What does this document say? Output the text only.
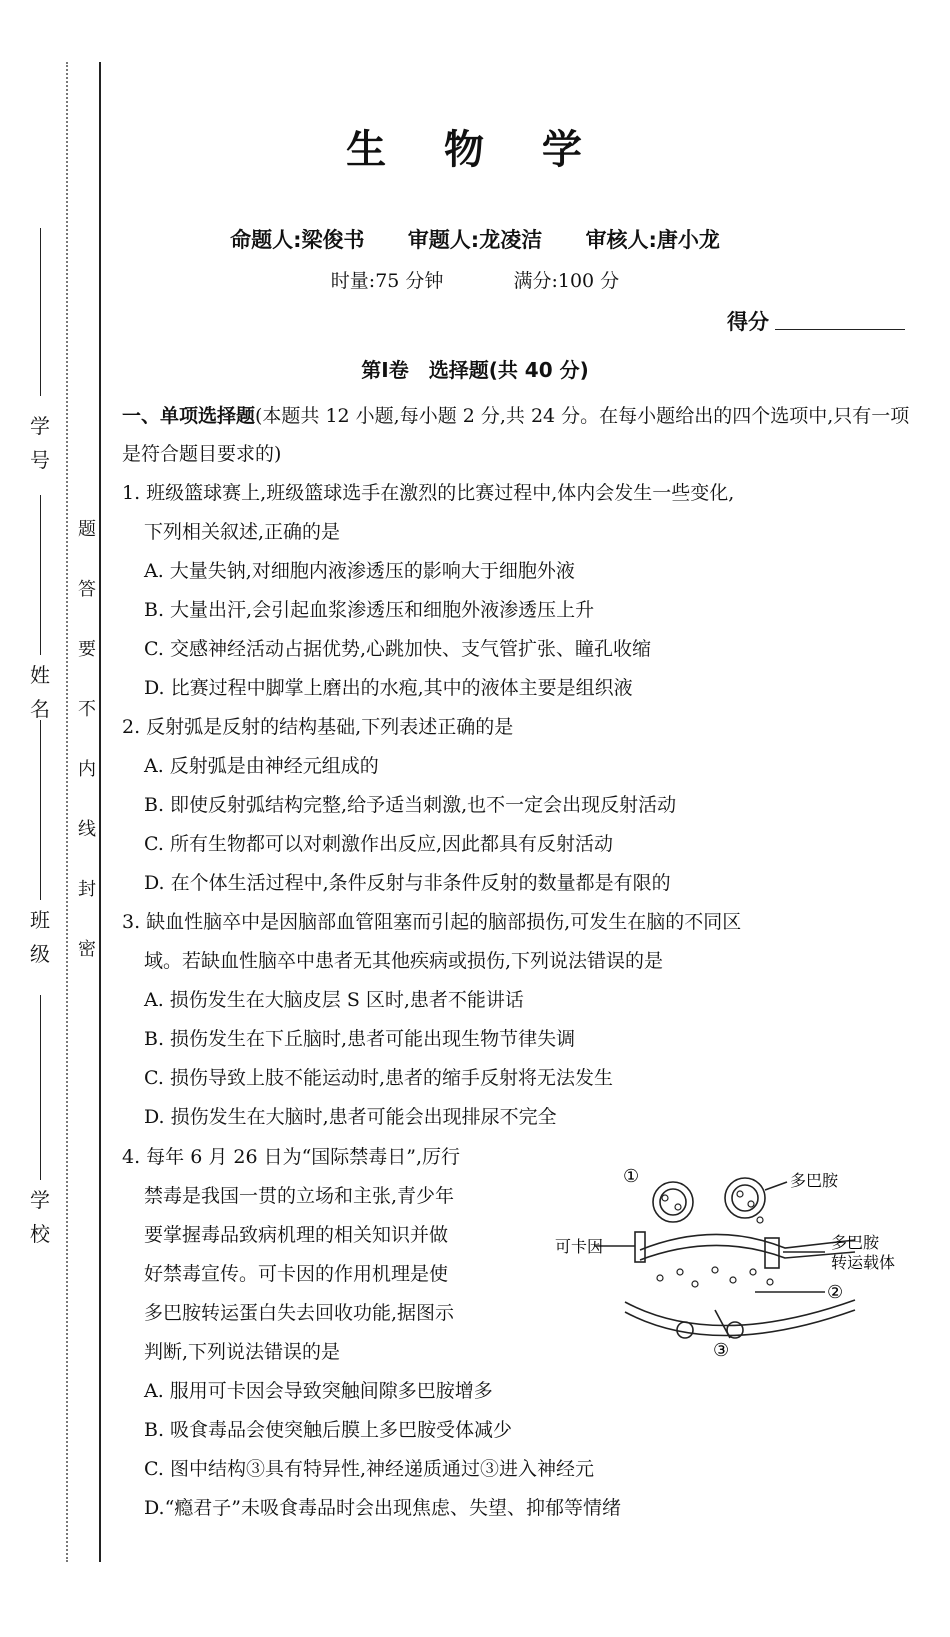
学
号
姓
名
班
级
学
校
密
封
线
内
不
要
答
题
生 物 学
命题人:梁俊书 审题人:龙凌洁 审核人:唐小龙
时量:75 分钟	满分:100 分
得分
第Ⅰ卷　选择题(共 40 分)
一、单项选择题(本题共 12 小题,每小题 2 分,共 24 分。在每小题给出的四个选项中,只有一项是符合题目要求的)
1. 班级篮球赛上,班级篮球选手在激烈的比赛过程中,体内会发生一些变化,
下列相关叙述,正确的是
A. 大量失钠,对细胞内液渗透压的影响大于细胞外液
B. 大量出汗,会引起血浆渗透压和细胞外液渗透压上升
C. 交感神经活动占据优势,心跳加快、支气管扩张、瞳孔收缩
D. 比赛过程中脚掌上磨出的水疱,其中的液体主要是组织液
2. 反射弧是反射的结构基础,下列表述正确的是
A. 反射弧是由神经元组成的
B. 即使反射弧结构完整,给予适当刺激,也不一定会出现反射活动
C. 所有生物都可以对刺激作出反应,因此都具有反射活动
D. 在个体生活过程中,条件反射与非条件反射的数量都是有限的
3. 缺血性脑卒中是因脑部血管阻塞而引起的脑部损伤,可发生在脑的不同区
域。若缺血性脑卒中患者无其他疾病或损伤,下列说法错误的是
A. 损伤发生在大脑皮层 S 区时,患者不能讲话
B. 损伤发生在下丘脑时,患者可能出现生物节律失调
C. 损伤导致上肢不能运动时,患者的缩手反射将无法发生
D. 损伤发生在大脑时,患者可能会出现排尿不完全
4. 每年 6 月 26 日为“国际禁毒日”,厉行
禁毒是我国一贯的立场和主张,青少年
要掌握毒品致病机理的相关知识并做
好禁毒宣传。可卡因的作用机理是使
多巴胺转运蛋白失去回收功能,据图示
判断,下列说法错误的是
A. 服用可卡因会导致突触间隙多巴胺增多
B. 吸食毒品会使突触后膜上多巴胺受体减少
C. 图中结构③具有特异性,神经递质通过③进入神经元
D.“瘾君子”未吸食毒品时会出现焦虑、失望、抑郁等情绪
①	多巴胺
多巴胺
转运载体
可卡因
②
③
